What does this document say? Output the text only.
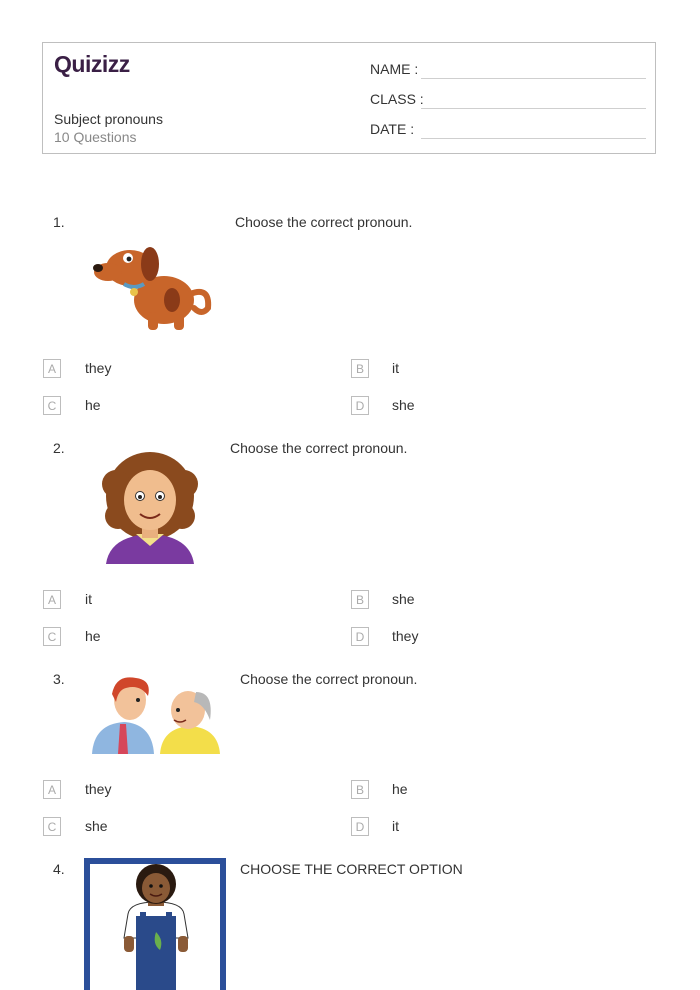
Quizizz
Subject pronouns
10 Questions
NAME :
CLASS :
DATE :
1.	Choose the correct pronoun.
A	they	B	it
C	he	D	she
2.	Choose the correct pronoun.
A	it	B	she
C	he	D	they
3.	Choose the correct pronoun.
A	they	B	he
C	she	D	it
4.	CHOOSE THE CORRECT OPTION
